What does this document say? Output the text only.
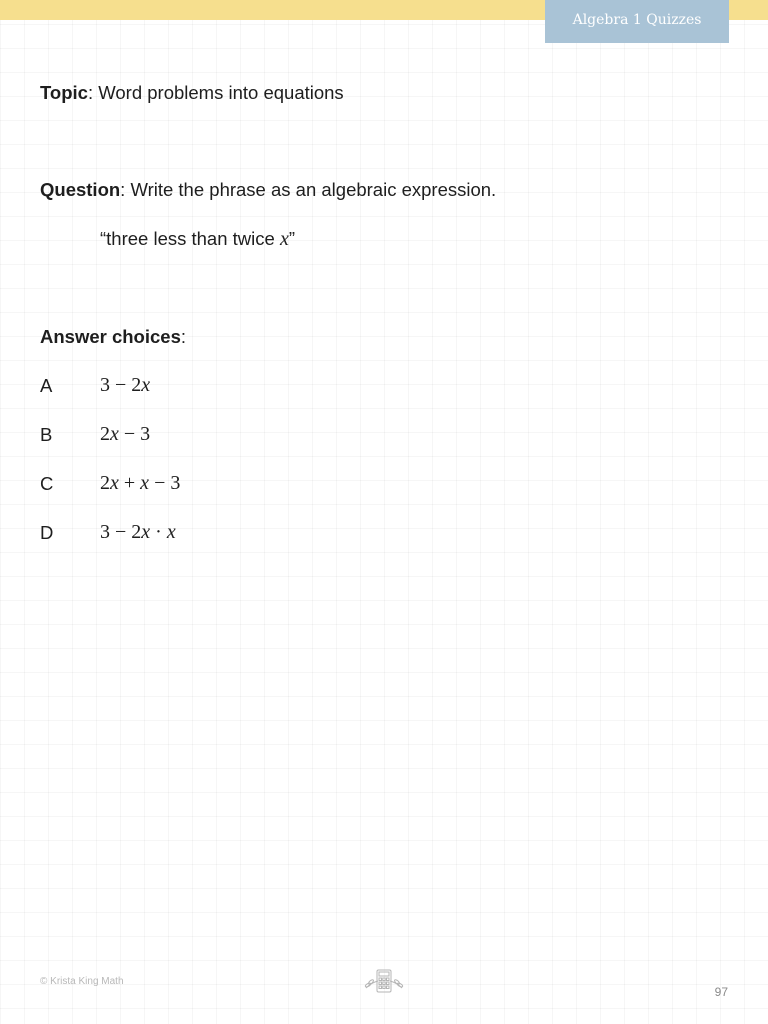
Algebra 1 Quizzes
Topic: Word problems into equations
Question: Write the phrase as an algebraic expression.
“three less than twice x”
Answer choices:
A 3 − 2x
B 2x − 3
C 2x + x − 3
D 3 − 2x · x
© Krista King Math
97
